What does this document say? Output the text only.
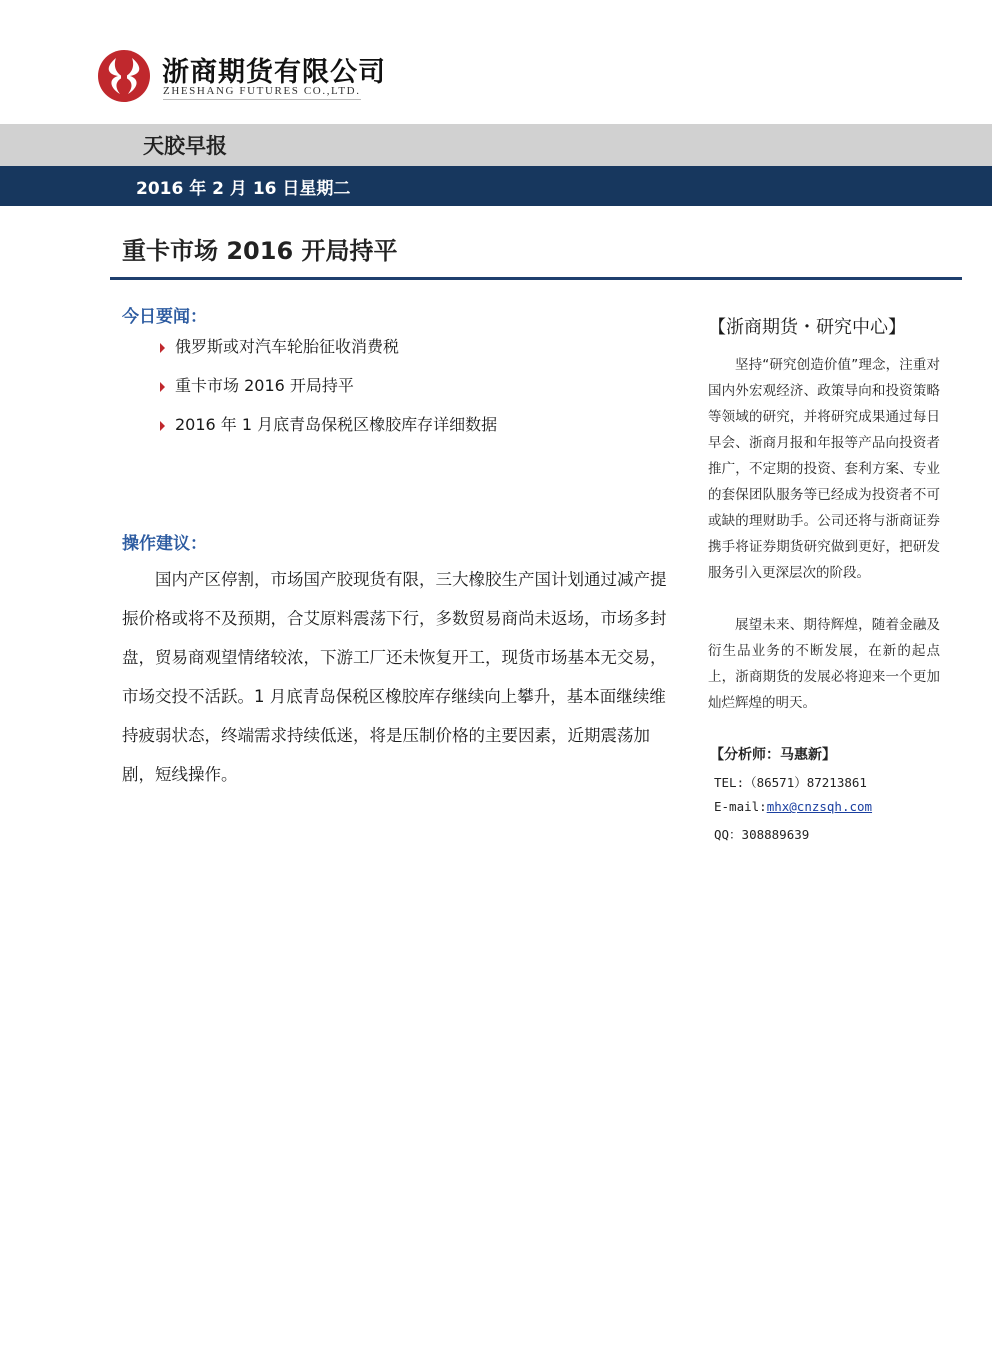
浙商期货有限公司
ZHESHANG FUTURES CO.,LTD.
天胶早报
2016 年 2 月 16 日星期二
重卡市场 2016 开局持平
今日要闻：
俄罗斯或对汽车轮胎征收消费税
重卡市场 2016 开局持平
2016 年 1 月底青岛保税区橡胶库存详细数据
操作建议：

国内产区停割，市场国产胶现货有限，三大橡胶生产国计划通过减产提振价格或将不及预期，合艾原料震荡下行，多数贸易商尚未返场，市场多封盘，贸易商观望情绪较浓，下游工厂还未恢复开工，现货市场基本无交易，市场交投不活跃。1 月底青岛保税区橡胶库存继续向上攀升，基本面继续维持疲弱状态，终端需求持续低迷，将是压制价格的主要因素，近期震荡加剧，短线操作。

【浙商期货・研究中心】

坚持“研究创造价值”理念，注重对国内外宏观经济、政策导向和投资策略等领域的研究，并将研究成果通过每日早会、浙商月报和年报等产品向投资者推广，不定期的投资、套利方案、专业的套保团队服务等已经成为投资者不可或缺的理财助手。公司还将与浙商证券携手将证券期货研究做到更好，把研发服务引入更深层次的阶段。

展望未来、期待辉煌，随着金融及衍生品业务的不断发展，在新的起点上，浙商期货的发展必将迎来一个更加灿烂辉煌的明天。

【分析师：马惠新】
TEL:（86571）87213861
E-mail:mhx@cnzsqh.com
QQ：308889639
